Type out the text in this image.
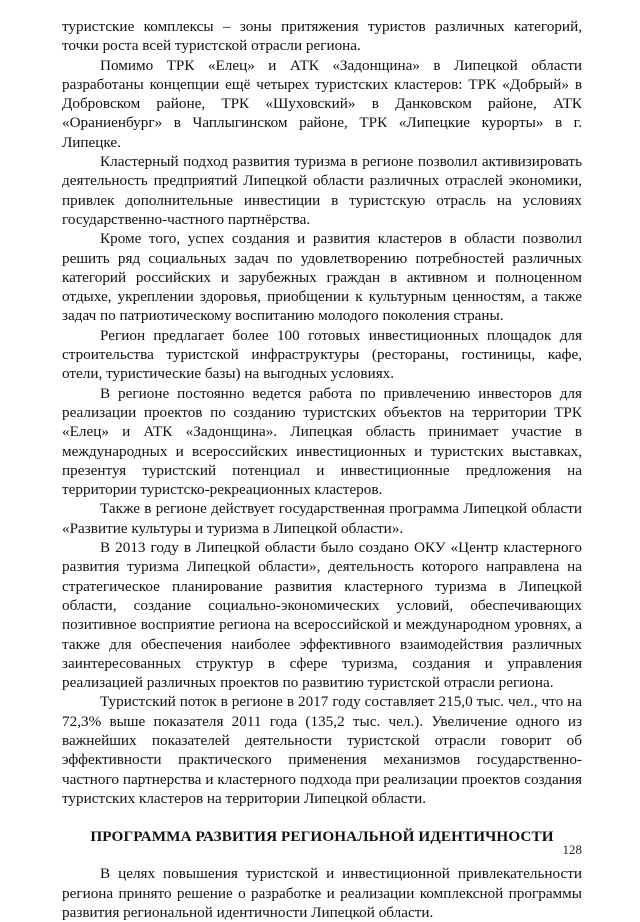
туристские комплексы – зоны притяжения туристов различных категорий, точки роста всей туристской отрасли региона.

Помимо ТРК «Елец» и АТК «Задонщина» в Липецкой области разработаны концепции ещё четырех туристских кластеров: ТРК «Добрый» в Добровском районе, ТРК «Шуховский» в Данковском районе, АТК «Ораниенбург» в Чаплыгинском районе, ТРК «Липецкие курорты» в г. Липецке.

Кластерный подход развития туризма в регионе позволил активизировать деятельность предприятий Липецкой области различных отраслей экономики, привлек дополнительные инвестиции в туристскую отрасль на условиях государственно-частного партнёрства.

Кроме того, успех создания и развития кластеров в области позволил решить ряд социальных задач по удовлетворению потребностей различных категорий российских и зарубежных граждан в активном и полноценном отдыхе, укреплении здоровья, приобщении к культурным ценностям, а также задач по патриотическому воспитанию молодого поколения страны.

Регион предлагает более 100 готовых инвестиционных площадок для строительства туристской инфраструктуры (рестораны, гостиницы, кафе, отели, туристические базы) на выгодных условиях.

В регионе постоянно ведется работа по привлечению инвесторов для реализации проектов по созданию туристских объектов на территории ТРК «Елец» и АТК «Задонщина». Липецкая область принимает участие в международных и всероссийских инвестиционных и туристских выставках, презентуя туристский потенциал и инвестиционные предложения на территории туристско-рекреационных кластеров.

Также в регионе действует государственная программа Липецкой области «Развитие культуры и туризма в Липецкой области».

В 2013 году в Липецкой области было создано ОКУ «Центр кластерного развития туризма Липецкой области», деятельность которого направлена на стратегическое планирование развития кластерного туризма в Липецкой области, создание социально-экономических условий, обеспечивающих позитивное восприятие региона на всероссийской и международном уровнях, а также для обеспечения наиболее эффективного взаимодействия различных заинтересованных структур в сфере туризма, создания и управления реализацией различных проектов по развитию туристской отрасли региона.

Туристский поток в регионе в 2017 году составляет 215,0 тыс. чел., что на 72,3% выше показателя 2011 года (135,2 тыс. чел.). Увеличение одного из важнейших показателей деятельности туристской отрасли говорит об эффективности практического применения механизмов государственно-частного партнерства и кластерного подхода при реализации проектов создания туристских кластеров на территории Липецкой области.

ПРОГРАММА РАЗВИТИЯ РЕГИОНАЛЬНОЙ ИДЕНТИЧНОСТИ

В целях повышения туристской и инвестиционной привлекательности региона принято решение о разработке и реализации комплексной программы развития региональной идентичности Липецкой области.

128
